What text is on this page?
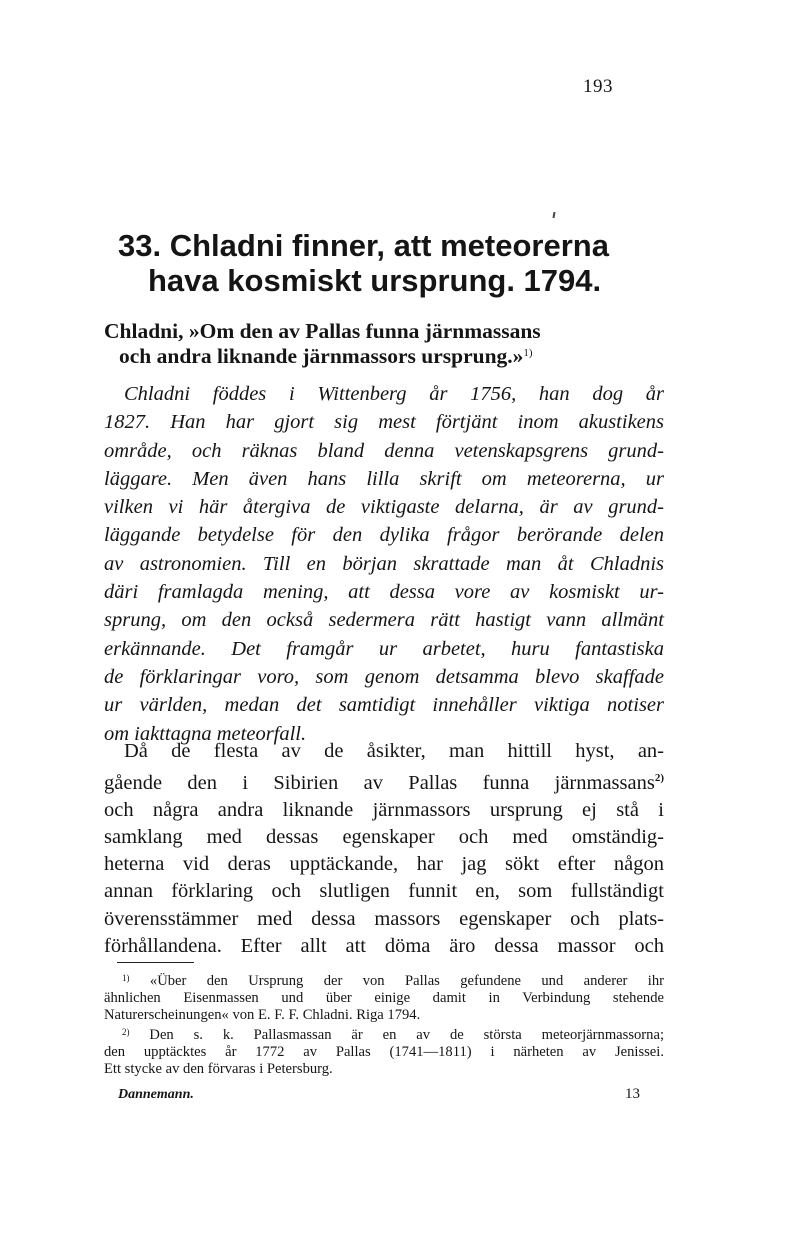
193
33. Chladni finner, att meteorerna
hava kosmiskt ursprung. 1794.
Chladni, »Om den av Pallas funna järnmassans
och andra liknande järnmassors ursprung.»$^{1)}$
Chladni föddes i Wittenberg år 1756, han dog år
1827. Han har gjort sig mest förtjänt inom akustikens
område, och räknas bland denna vetenskapsgrens grund-
läggare. Men även hans lilla skrift om meteorerna, ur
vilken vi här återgiva de viktigaste delarna, är av grund-
läggande betydelse för den dylika frågor berörande delen
av astronomien. Till en början skrattade man åt Chladnis
däri framlagda mening, att dessa vore av kosmiskt ur-
sprung, om den också sedermera rätt hastigt vann allmänt
erkännande. Det framgår ur arbetet, huru fantastiska
de förklaringar voro, som genom detsamma blevo skaffade
ur världen, medan det samtidigt innehåller viktiga notiser
om iakttagna meteorfall.
Då de flesta av de åsikter, man hittill hyst, an-
gående den i Sibirien av Pallas funna järnmassans$^{2)}$
och några andra liknande järnmassors ursprung ej stå i
samklang med dessas egenskaper och med omständig-
heterna vid deras upptäckande, har jag sökt efter någon
annan förklaring och slutligen funnit en, som fullständigt
överensstämmer med dessa massors egenskaper och plats-
förhållandena. Efter allt att döma äro dessa massor och
$^{1)}$ «Über den Ursprung der von Pallas gefundene und anderer ihr
ähnlichen Eisenmassen und über einige damit in Verbindung stehende
Naturerscheinungen« von E. F. F. Chladni. Riga 1794.
$^{2)}$ Den s. k. Pallasmassan är en av de största meteorjärnmassorna;
den upptäcktes år 1772 av Pallas (1741—1811) i närheten av Jenissei.
Ett stycke av den förvaras i Petersburg.
Dannemann.	13
